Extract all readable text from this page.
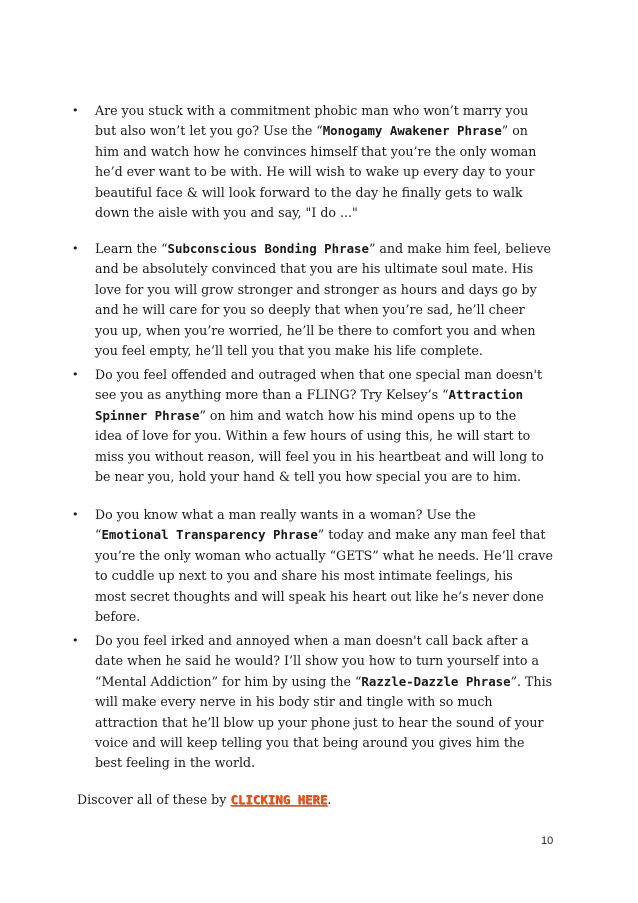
• Are you stuck with a commitment phobic man who won’t marry you
but also won’t let you go? Use the “Monogamy Awakener Phrase” on
him and watch how he convinces himself that you’re the only woman
he’d ever want to be with. He will wish to wake up every day to your
beautiful face & will look forward to the day he finally gets to walk
down the aisle with you and say, "I do ..."
• Learn the “Subconscious Bonding Phrase” and make him feel, believe
and be absolutely convinced that you are his ultimate soul mate. His
love for you will grow stronger and stronger as hours and days go by
and he will care for you so deeply that when you’re sad, he’ll cheer
you up, when you’re worried, he’ll be there to comfort you and when
you feel empty, he’ll tell you that you make his life complete.
• Do you feel offended and outraged when that one special man doesn't
see you as anything more than a FLING? Try Kelsey’s “Attraction
Spinner Phrase” on him and watch how his mind opens up to the
idea of love for you. Within a few hours of using this, he will start to
miss you without reason, will feel you in his heartbeat and will long to
be near you, hold your hand & tell you how special you are to him.
• Do you know what a man really wants in a woman? Use the
“Emotional Transparency Phrase” today and make any man feel that
you’re the only woman who actually “GETS” what he needs. He’ll crave
to cuddle up next to you and share his most intimate feelings, his
most secret thoughts and will speak his heart out like he’s never done
before.
• Do you feel irked and annoyed when a man doesn't call back after a
date when he said he would? I’ll show you how to turn yourself into a
“Mental Addiction” for him by using the “Razzle-Dazzle Phrase”. This
will make every nerve in his body stir and tingle with so much
attraction that he’ll blow up your phone just to hear the sound of your
voice and will keep telling you that being around you gives him the
best feeling in the world.
Discover all of these by CLICKING HERE.
10
